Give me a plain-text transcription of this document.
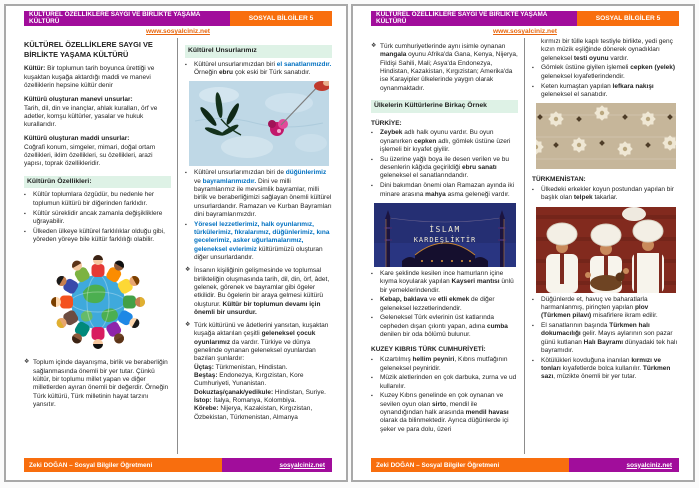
KÜLTÜREL ÖZELLİKLERE SAYGI VE BİRLİKTE YAŞAMA KÜLTÜRÜ	SOSYAL BİLGİLER 5
www.sosyalciniz.net
KÜLTÜREL ÖZELLİKLERE SAYGI VE BİRLİKTE YAŞAMA KÜLTÜRÜ
Kültür: Bir toplumun tarih boyunca ürettiği ve kuşaktan kuşağa aktardığı maddi ve manevi özelliklerin hepsine kültür denir
Kültürü oluşturan manevi unsurlar:
Tarih, dil, din ve inançlar, ahlak kuralları, örf ve adetler, komşu kültürler, yasalar ve hukuk kurallarıdır.
Kültürü oluşturan maddi unsurlar:
Coğrafi konum, simgeler, mimari, doğal ortam özellikleri, iklim özellikleri, su özellikleri, arazi yapısı, toprak özellikleridir.
Kültürün Özellikleri:
▪	Kültür toplumlara özgüdür, bu nedenle her toplumun kültürü bir diğerinden farklıdır.
▪	Kültür süreklidir ancak zamanla değişikliklere uğrayabilir.
▪	Ülkeden ülkeye kültürel farklılıklar olduğu gibi, yöreden yöreye bile kültür farklılığı olabilir.
❖ Toplum içinde dayanışma, birlik ve beraberliğin sağlanmasında önemli bir yer tutar. Çünkü kültür, bir toplumu millet yapan ve diğer milletlerden ayıran önemli bir değerdir. Örneğin Türk kültürü, Türk milletinin hayat tarzını yansıtır.
Kültürel Unsurlarımız
▪	Kültürel unsurlarımızdan biri el sanatlarımızdır. Örneğin ebru çok eski bir Türk sanatıdır.
▪	Kültürel unsurlarımızdan biri de düğünlerimiz ve bayramlarımızdır. Dini ve milli bayramlarımız ile mevsimlik bayramlar, milli birlik ve beraberliğimizi sağlayan önemli kültürel unsurlardandır. Ramazan ve Kurban Bayramları dini bayramlarımızdır.
▪	Yöresel lezzetlerimiz, halk oyunlarımız, türkülerimiz, fıkralarımız, düğünlerimiz, kına gecelerimiz, asker uğurlamalarımız, geleneksel evlerimiz kültürümüzü oluşturan diğer unsurlardandır.
❖ İnsanın kişiliğinin gelişmesinde ve toplumsal birlikteliğin oluşmasında tarih, dil, din, örf, âdet, gelenek, görenek ve bayramlar gibi ögeler etkilidir. Bu ögelerin bir araya gelmesi kültürü oluşturur. Kültür bir toplumun devamı için önemli bir unsurdur.
❖ Türk kültürünü ve âdetlerini yansıtan, kuşaktan kuşağa aktarılan çeşitli geleneksel çocuk oyunlarımız da vardır. Türkiye ve dünya genelinde oynanan geleneksel oyunlardan bazıları şunlardır:
Üçtaş: Türkmenistan, Hindistan.
Beştaş: Endonezya, Kırgızistan, Kore Cumhuriyeti, Yunanistan.
Dokuztaş/çanak/yedikule: Hindistan, Suriye.
İstop: İtalya, Romanya, Kolombiya.
Körebe: Nijerya, Kazakistan, Kırgızistan, Özbekistan, Türkmenistan, Almanya
Zeki DOĞAN – Sosyal Bilgiler Öğretmeni	sosyalciniz.net
KÜLTÜREL ÖZELLİKLERE SAYGI VE BİRLİKTE YAŞAMA KÜLTÜRÜ	SOSYAL BİLGİLER 5
www.sosyalciniz.net
❖ Türk cumhuriyetlerinde aynı isimle oynanan mangala oyunu Afrika'da Gana, Kenya, Nijerya, Fildişi Sahili, Mali; Asya'da Endonezya, Hindistan, Kazakistan, Kırgızistan; Amerika'da ise Karayipler ülkelerinde yaygın olarak oynanmaktadır.
Ülkelerin Kültürlerine Birkaç Örnek
TÜRKİYE:
▪	Zeybek adlı halk oyunu vardır. Bu oyun oynanırken cepken adlı, gömlek üstüne üzeri işlemeli bir kıyafet giyilir.
▪	Su üzerine yağlı boya ile desen verilen ve bu desenlerin kâğıda geçirildiği ebru sanatı geleneksel el sanatlarındandır.
▪	Dini bakımdan önemi olan Ramazan ayında iki minare arasına mahya asma geleneği vardır.
İSLAM
KARDEŞLİKTİR
▪	Kare şeklinde kesilen ince hamurların içine kıyma koyularak yapılan Kayseri mantısı ünlü bir yemeklerindendir.
▪	Kebap, baklava ve etli ekmek de diğer geleneksel lezzetlerindendir.
▪	Geleneksel Türk evlerinin üst katlarında cepheden dışarı çıkıntı yapan, adına cumba denilen bir oda bölümü bulunur.
KUZEY KIBRIS TÜRK CUMHURİYETİ:
▪	Kızartılmış hellim peyniri, Kıbrıs mutfağının geleneksel peyniridir.
▪	Müzik aletlerinden en çok darbuka, zurna ve ud kullanılır.
▪	Kuzey Kıbrıs genelinde en çok oynanan ve sevilen oyun olan sirto, mendil ile oynandığından halk arasında mendil havası olarak da bilinmektedir. Ayrıca düğünlerde içi şeker ve para dolu, üzeri
kırmızı bir tülle kaplı testiyle birlikte, yedi genç kızın müzik eşliğinde dönerek oynadıkları geleneksel testi oyunu vardır.
▪	Gömlek üstüne giyilen işlemeli cepken (yelek) geleneksel kıyafetlerindendir.
▪	Keten kumaştan yapılan lefkara nakışı geleneksel el sanatıdır.
TÜRKMENİSTAN:
▪	Ülkedeki erkekler koyun postundan yapılan bir başlık olan telpek takarlar.
▪	Düğünlerde et, havuç ve baharatlarla harmanlanmış, pirinçten yapılan plov (Türkmen pilavı) misafirlere ikram edilir.
▪	El sanatlarının başında Türkmen halı dokumacılığı gelir. Mayıs aylarının son pazar günü kutlanan Halı Bayramı dünyadaki tek halı bayramıdır.
▪	Kötülükleri kovduğuna inanılan kırmızı ve tonları kıyafetlerde bolca kullanılır. Türkmen sazı, müzikte önemli bir yer tutar.
Zeki DOĞAN – Sosyal Bilgiler Öğretmeni	sosyalciniz.net
